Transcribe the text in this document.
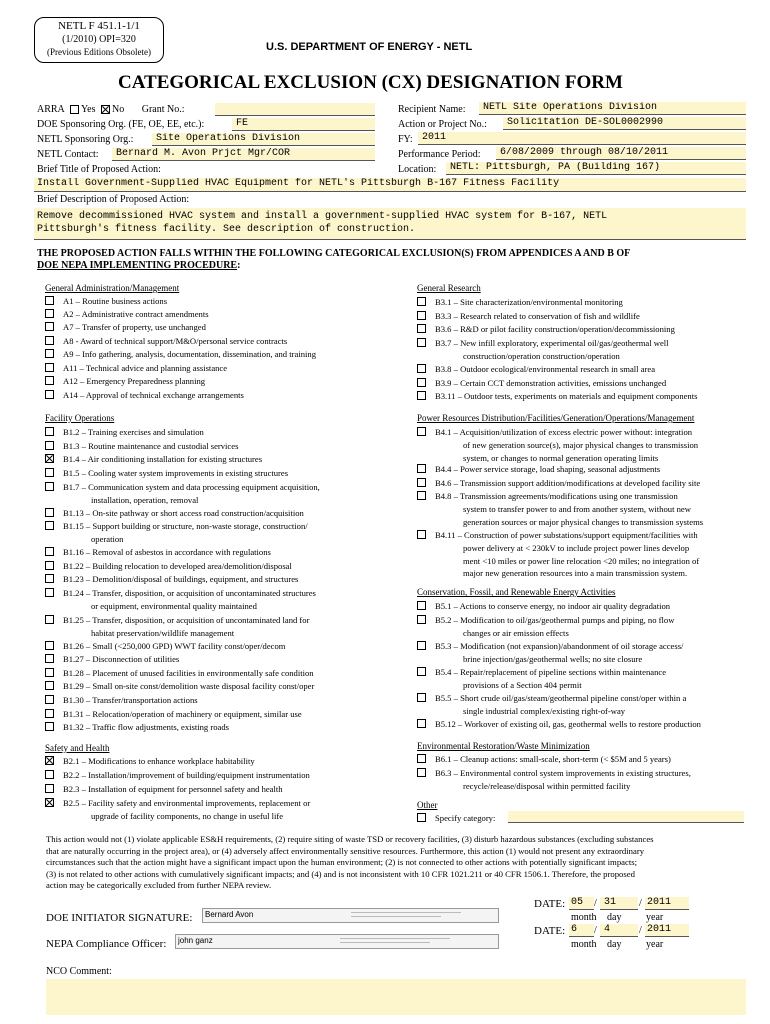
NETL F 451.1-1/1
(1/2010) OPI=320
(Previous Editions Obsolete)	U.S. DEPARTMENT OF ENERGY - NETL
CATEGORICAL EXCLUSION (CX) DESIGNATION FORM
ARRA Yes No Grant No.:
DOE Sponsoring Org. (FE, OE, EE, etc.):	FE
NETL Sponsoring Org.:	Site Operations Division
NETL Contact:	Bernard M. Avon Prjct Mgr/COR
Brief Title of Proposed Action:
Install Government-Supplied HVAC Equipment for NETL's Pittsburgh B-167 Fitness Facility
Brief Description of Proposed Action:
Remove decommissioned HVAC system and install a government-supplied HVAC system for B-167, NETL
Pittsburgh's fitness facility. See description of construction.
Recipient Name:	NETL Site Operations Division
Action or Project No.:	Solicitation DE-SOL0002990
FY: 2011
Performance Period:	6/08/2009 through 08/10/2011
Location:	NETL: Pittsburgh, PA (Building 167)
THE PROPOSED ACTION FALLS WITHIN THE FOLLOWING CATEGORICAL EXCLUSION(S) FROM APPENDICES A AND B OF
DOE NEPA IMPLEMENTING PROCEDURE:
General Administration/Management
A1 – Routine business actions
A2 – Administrative contract amendments
A7 – Transfer of property, use unchanged
A8 - Award of technical support/M&O/personal service contracts
A9 – Info gathering, analysis, documentation, dissemination, and training
A11 – Technical advice and planning assistance
A12 – Emergency Preparedness planning
A14 – Approval of technical exchange arrangements
Facility Operations
B1.2 – Training exercises and simulation
B1.3 – Routine maintenance and custodial services
B1.4 – Air conditioning installation for existing structures
B1.5 – Cooling water system improvements in existing structures
B1.7 – Communication system and data processing equipment acquisition,
installation, operation, removal
B1.13 – On-site pathway or short access road construction/acquisition
B1.15 – Support building or structure, non-waste storage, construction/
operation
B1.16 – Removal of asbestos in accordance with regulations
B1.22 – Building relocation to developed area/demolition/disposal
B1.23 – Demolition/disposal of buildings, equipment, and structures
B1.24 – Transfer, disposition, or acquisition of uncontaminated structures
or equipment, environmental quality maintained
B1.25 – Transfer, disposition, or acquisition of uncontaminated land for
habitat preservation/wildlife management
B1.26 – Small (<250,000 GPD) WWT facility const/oper/decom
B1.27 – Disconnection of utilities
B1.28 – Placement of unused facilities in environmentally safe condition
B1.29 – Small on-site const/demolition waste disposal facility const/oper
B1.30 – Transfer/transportation actions
B1.31 – Relocation/operation of machinery or equipment, similar use
B1.32 – Traffic flow adjustments, existing roads
Safety and Health
B2.1 – Modifications to enhance workplace habitability
B2.2 – Installation/improvement of building/equipment instrumentation
B2.3 – Installation of equipment for personnel safety and health
B2.5 – Facility safety and environmental improvements, replacement or
upgrade of facility components, no change in useful life
General Research
B3.1 – Site characterization/environmental monitoring
B3.3 – Research related to conservation of fish and wildlife
B3.6 – R&D or pilot facility construction/operation/decommissioning
B3.7 – New infill exploratory, experimental oil/gas/geothermal well
construction/operation construction/operation
B3.8 – Outdoor ecological/environmental research in small area
B3.9 – Certain CCT demonstration activities, emissions unchanged
B3.11 – Outdoor tests, experiments on materials and equipment components
Power Resources Distribution/Facilities/Generation/Operations/Management
B4.1 – Acquisition/utilization of excess electric power without: integration
of new generation source(s), major physical changes to transmission
system, or changes to normal generation operating limits
B4.4 – Power service storage, load shaping, seasonal adjustments
B4.6 – Transmission support addition/modifications at developed facility site
B4.8 – Transmission agreements/modifications using one transmission
system to transfer power to and from another system, without new
generation sources or major physical changes to transmission systems
B4.11 – Construction of power substations/support equipment/facilities with
power delivery at < 230kV to include project power lines develop
ment <10 miles or power line relocation <20 miles; no integration of
major new generation resources into a main transmission system.
Conservation, Fossil, and Renewable Energy Activities
B5.1 – Actions to conserve energy, no indoor air quality degradation
B5.2 – Modification to oil/gas/geothermal pumps and piping, no flow
changes or air emission effects
B5.3 – Modification (not expansion)/abandonment of oil storage access/
brine injection/gas/geothermal wells; no site closure
B5.4 – Repair/replacement of pipeline sections within maintenance
provisions of a Section 404 permit
B5.5 – Short crude oil/gas/steam/geothermal pipeline const/oper within a
single industrial complex/existing right-of-way
B5.12 – Workover of existing oil, gas, geothermal wells to restore production
Environmental Restoration/Waste Minimization
B6.1 – Cleanup actions: small-scale, short-term (< $5M and 5 years)
B6.3 – Environmental control system improvements in existing structures,
recycle/release/disposal within permitted facility
Other
Specify category:
This action would not (1) violate applicable ES&H requirements, (2) require siting of waste TSD or recovery facilities, (3) disturb hazardous substances (excluding substances
that are naturally occurring in the project area), or (4) adversely affect environmentally sensitive resources. Furthermore, this action (1) would not present any extraordinary
circumstances such that the action might have a significant impact upon the human environment; (2) is not connected to other actions with potentially significant impacts;
(3) is not related to other actions with cumulatively significant impacts; and (4) and is not inconsistent with 10 CFR 1021.211 or 40 CFR 1506.1. Therefore, the proposed
action may be categorically excluded from further NEPA review.
DOE INITIATOR SIGNATURE: Bernard Avon
NEPA Compliance Officer: john ganz
DATE: 05	/ 31	/ 2011
month day year
DATE: 6	/ 4	/ 2011
month day year
NCO Comment:
